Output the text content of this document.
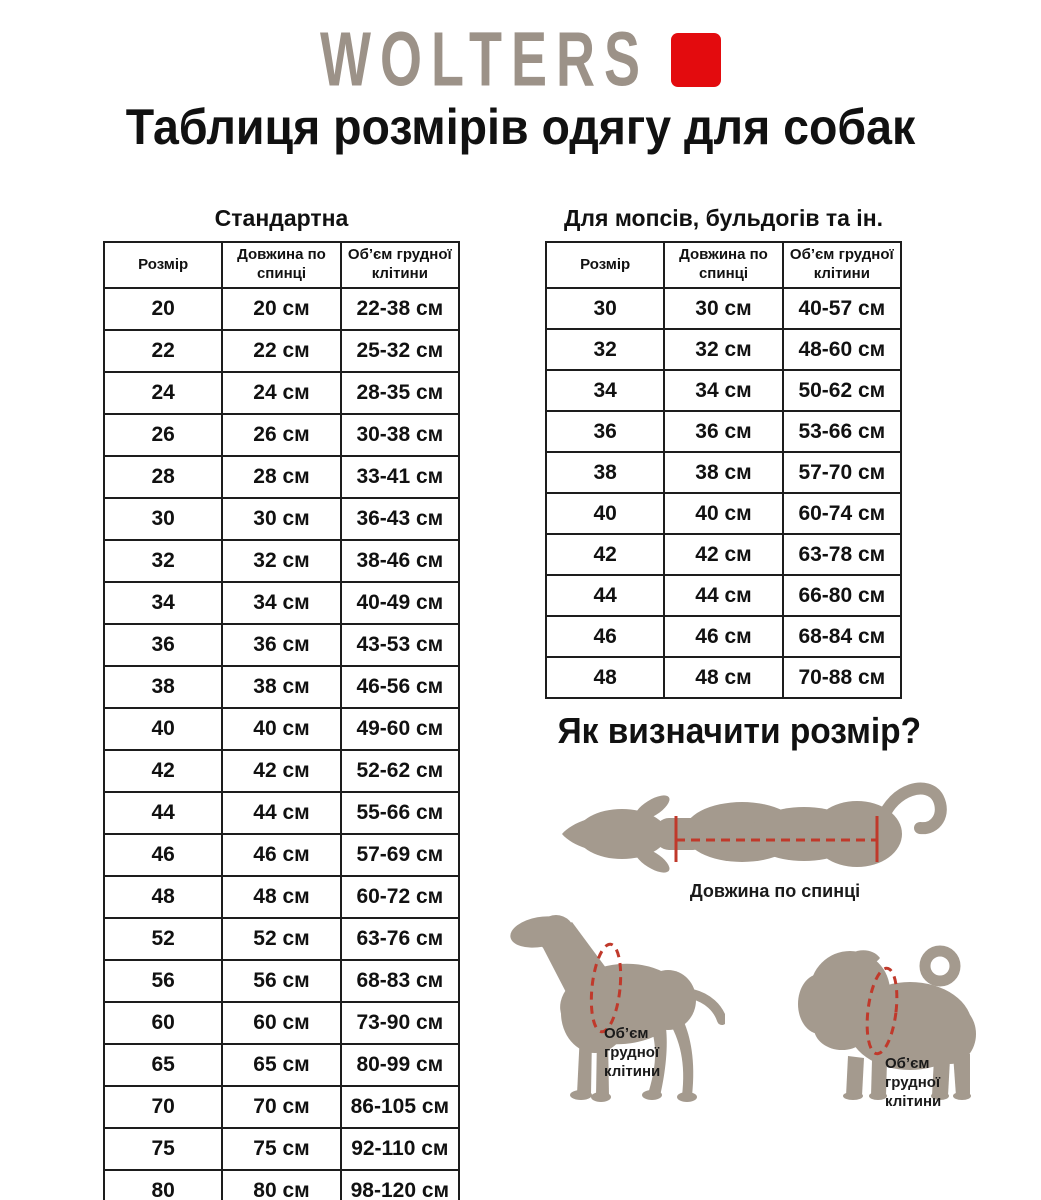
WOLTERS
Таблиця розмірів одягу для собак
Стандартна
Розмір	Довжина по спинці	Об’єм грудної клітини
20	20 см	22-38 см
22	22 см	25-32 см
24	24 см	28-35 см
26	26 см	30-38 см
28	28 см	33-41 см
30	30 см	36-43 см
32	32 см	38-46 см
34	34 см	40-49 см
36	36 см	43-53 см
38	38 см	46-56 см
40	40 см	49-60 см
42	42 см	52-62 см
44	44 см	55-66 см
46	46 см	57-69 см
48	48 см	60-72 см
52	52 см	63-76 см
56	56 см	68-83 см
60	60 см	73-90 см
65	65 см	80-99 см
70	70 см	86-105 см
75	75 см	92-110 см
80	80 см	98-120 см
Для мопсів, бульдогів та ін.
Розмір	Довжина по спинці	Об’єм грудної клітини
30	30 см	40-57 см
32	32 см	48-60 см
34	34 см	50-62 см
36	36 см	53-66 см
38	38 см	57-70 см
40	40 см	60-74 см
42	42 см	63-78 см
44	44 см	66-80 см
46	46 см	68-84 см
48	48 см	70-88 см
Як визначити розмір?
Довжина по спинці
Об’єм
грудної
клітини	Об’єм
грудної
клітини
